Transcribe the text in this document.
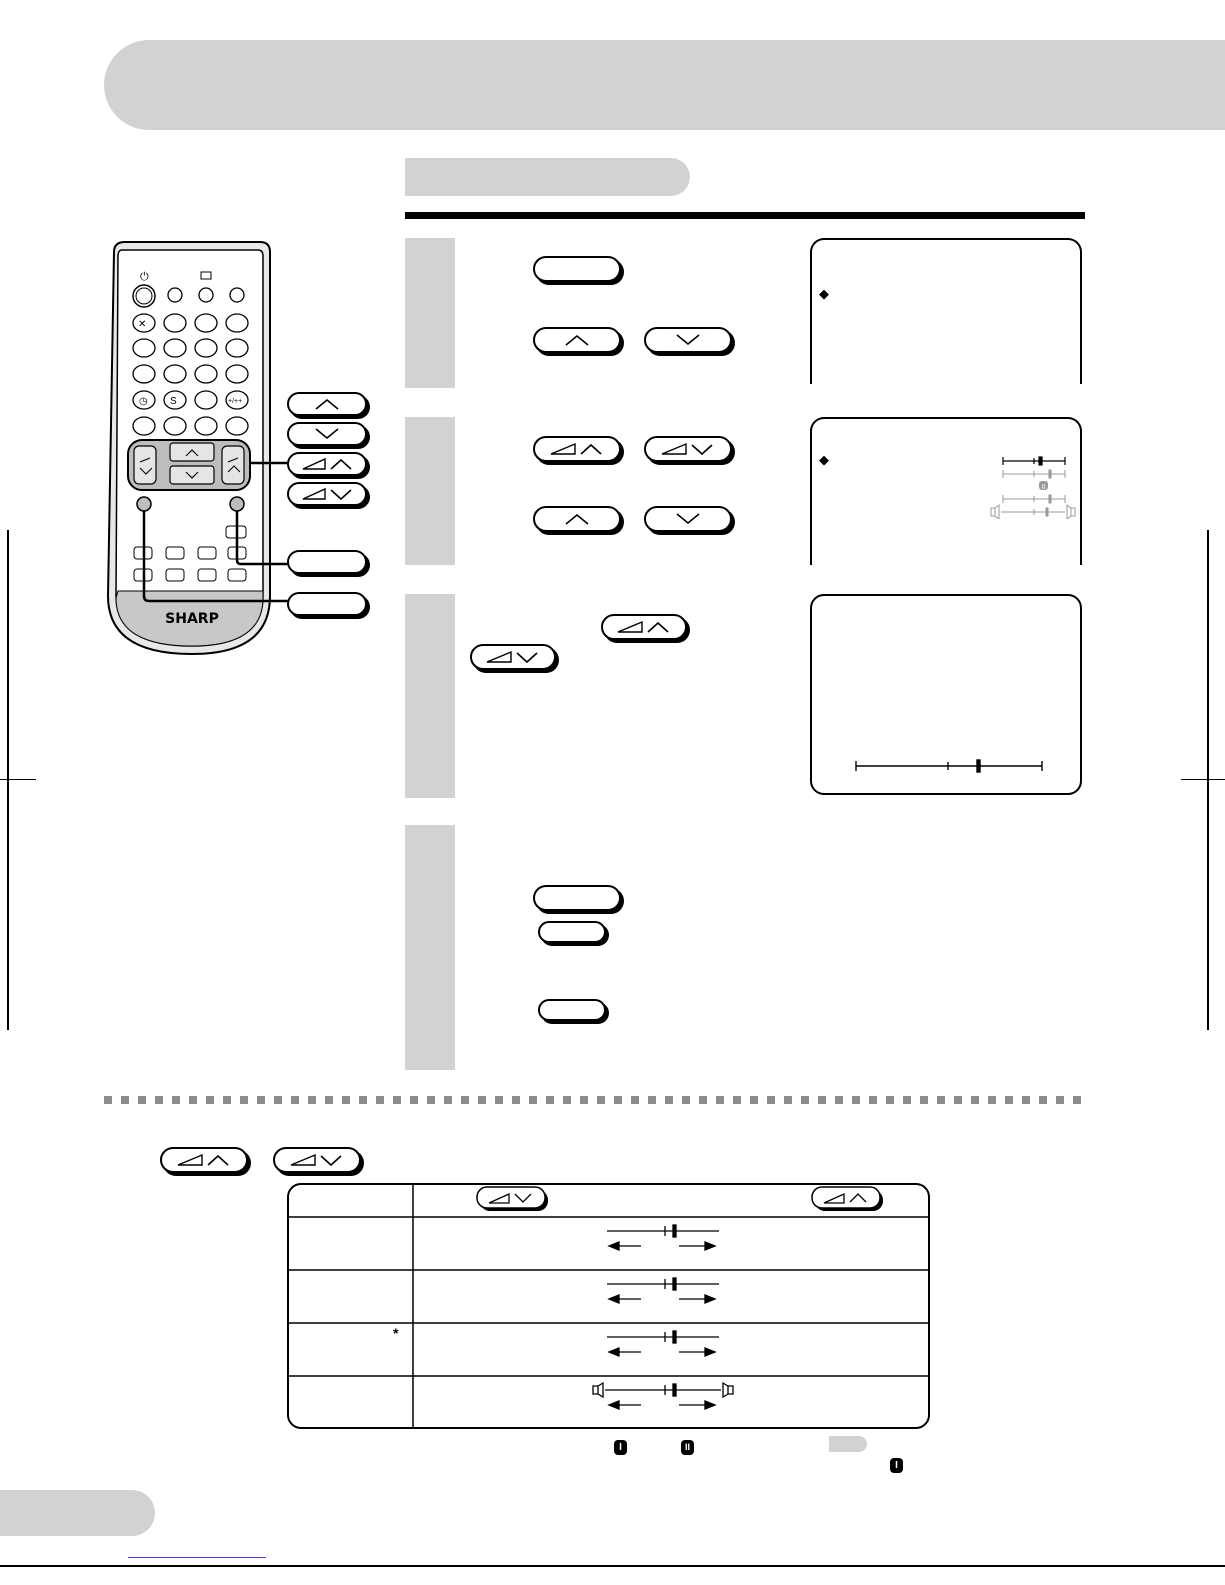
⏻
✕
◷ S	+/++
SHARP
◆
◆
II
*
I	II
I
